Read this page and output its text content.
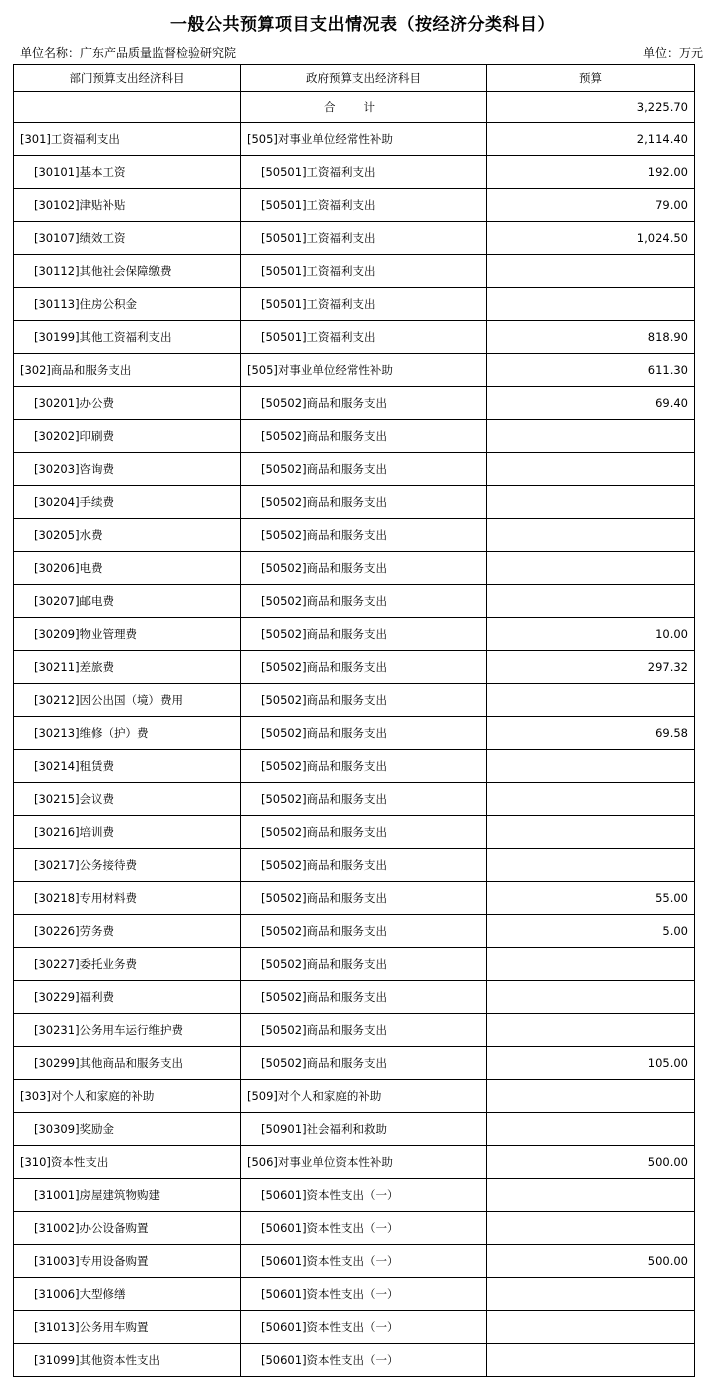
一般公共预算项目支出情况表（按经济分类科目）
单位名称：广东产品质量监督检验研究院	单位：万元
部门预算支出经济科目	政府预算支出经济科目	预算
	合计	3,225.70
[301]工资福利支出	[505]对事业单位经常性补助	2,114.40
[30101]基本工资	[50501]工资福利支出	192.00
[30102]津贴补贴	[50501]工资福利支出	79.00
[30107]绩效工资	[50501]工资福利支出	1,024.50
[30112]其他社会保障缴费	[50501]工资福利支出	
[30113]住房公积金	[50501]工资福利支出	
[30199]其他工资福利支出	[50501]工资福利支出	818.90
[302]商品和服务支出	[505]对事业单位经常性补助	611.30
[30201]办公费	[50502]商品和服务支出	69.40
[30202]印刷费	[50502]商品和服务支出	
[30203]咨询费	[50502]商品和服务支出	
[30204]手续费	[50502]商品和服务支出	
[30205]水费	[50502]商品和服务支出	
[30206]电费	[50502]商品和服务支出	
[30207]邮电费	[50502]商品和服务支出	
[30209]物业管理费	[50502]商品和服务支出	10.00
[30211]差旅费	[50502]商品和服务支出	297.32
[30212]因公出国（境）费用	[50502]商品和服务支出	
[30213]维修（护）费	[50502]商品和服务支出	69.58
[30214]租赁费	[50502]商品和服务支出	
[30215]会议费	[50502]商品和服务支出	
[30216]培训费	[50502]商品和服务支出	
[30217]公务接待费	[50502]商品和服务支出	
[30218]专用材料费	[50502]商品和服务支出	55.00
[30226]劳务费	[50502]商品和服务支出	5.00
[30227]委托业务费	[50502]商品和服务支出	
[30229]福利费	[50502]商品和服务支出	
[30231]公务用车运行维护费	[50502]商品和服务支出	
[30299]其他商品和服务支出	[50502]商品和服务支出	105.00
[303]对个人和家庭的补助	[509]对个人和家庭的补助	
[30309]奖励金	[50901]社会福利和救助	
[310]资本性支出	[506]对事业单位资本性补助	500.00
[31001]房屋建筑物购建	[50601]资本性支出（一）	
[31002]办公设备购置	[50601]资本性支出（一）	
[31003]专用设备购置	[50601]资本性支出（一）	500.00
[31006]大型修缮	[50601]资本性支出（一）	
[31013]公务用车购置	[50601]资本性支出（一）	
[31099]其他资本性支出	[50601]资本性支出（一）	
